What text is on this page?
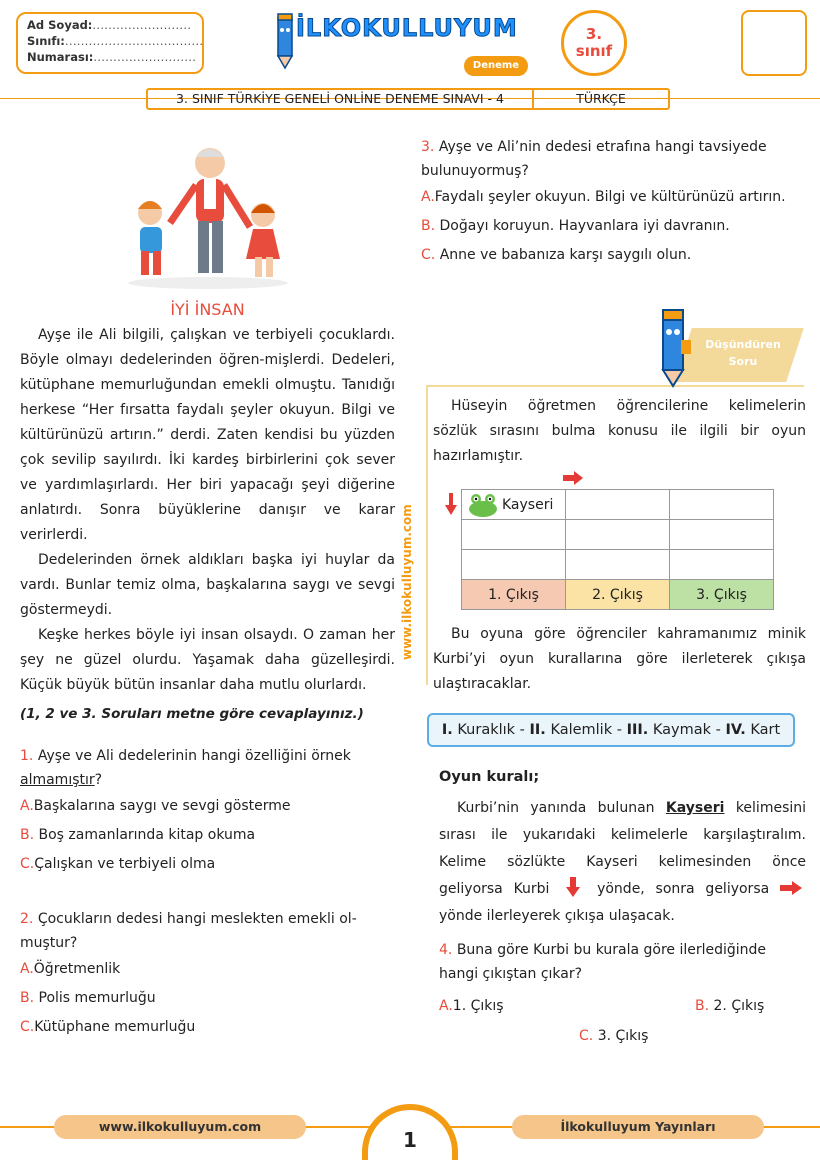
Ad Soyad:.........................
Sınıfı:...................................
Numarası:..........................
İLKOKULLUYUM
Deneme
3.
sınıf
3. SINIF TÜRKİYE GENELİ ONLİNE DENEME SINAVI - 4	TÜRKÇE
www.ilkokulluyum.com
İYİ İNSAN

Ayşe ile Ali bilgili, çalışkan ve terbiyeli çocuklardı. Böyle olmayı dedelerinden öğren-mişlerdi. Dedeleri, kütüphane memurluğundan emekli olmuştu. Tanıdığı herkese “Her fırsatta faydalı şeyler okuyun. Bilgi ve kültürünüzü artırın.” derdi. Zaten kendisi bu yüzden çok sevilip sayılırdı. İki kardeş birbirlerini çok sever ve yardımlaşırlardı. Her biri yapacağı şeyi diğerine anlatırdı. Sonra büyüklerine danışır ve karar verirlerdi.

Dedelerinden örnek aldıkları başka iyi huylar da vardı. Bunlar temiz olma, başkalarına saygı ve sevgi göstermeydi.

Keşke herkes böyle iyi insan olsaydı. O zaman her şey ne güzel olurdu. Yaşamak daha güzelleşirdi. Küçük büyük bütün insanlar daha mutlu olurlardı.

(1, 2 ve 3. Soruları metne göre cevaplayınız.)
1. Ayşe ve Ali dedelerinin hangi özelliğini örnek almamıştır?
A.Başkalarına saygı ve sevgi gösterme
B. Boş zamanlarında kitap okuma
C.Çalışkan ve terbiyeli olma
2. Çocukların dedesi hangi meslekten emekli ol-muştur?
A.Öğretmenlik
B. Polis memurluğu
C.Kütüphane memurluğu
3. Ayşe ve Ali’nin dedesi etrafına hangi tavsiyede bulunuyormuş?
A.Faydalı şeyler okuyun. Bilgi ve kültürünüzü artırın.
B. Doğayı koruyun. Hayvanlara iyi davranın.
C. Anne ve babanıza karşı saygılı olun.
Düşündüren
Soru

Hüseyin öğretmen öğrencilerine kelimelerin sözlük sırasını bulma konusu ile ilgili bir oyun hazırlamıştır.

Kayseri		

1. Çıkış	2. Çıkış	3. Çıkış

Bu oyuna göre öğrenciler kahramanımız minik Kurbi’yi oyun kurallarına göre ilerleterek çıkışa ulaştıracaklar.

I. Kuraklık - II. Kalemlik - III. Kaymak - IV. Kart
Oyun kuralı;

Kurbi’nin yanında bulunan Kayseri kelimesini sırası ile yukarıdaki kelimelerle karşılaştıralım. Kelime sözlükte Kayseri kelimesinden önce geliyorsa Kurbi	yönde, sonra geliyorsa yönde ilerleyerek çıkışa ulaşacak.

4. Buna göre Kurbi bu kurala göre ilerlediğinde hangi çıkıştan çıkar?
A.1. Çıkış	B. 2. Çıkış
C. 3. Çıkış
www.ilkokulluyum.com	İlkokulluyum Yayınları
1
